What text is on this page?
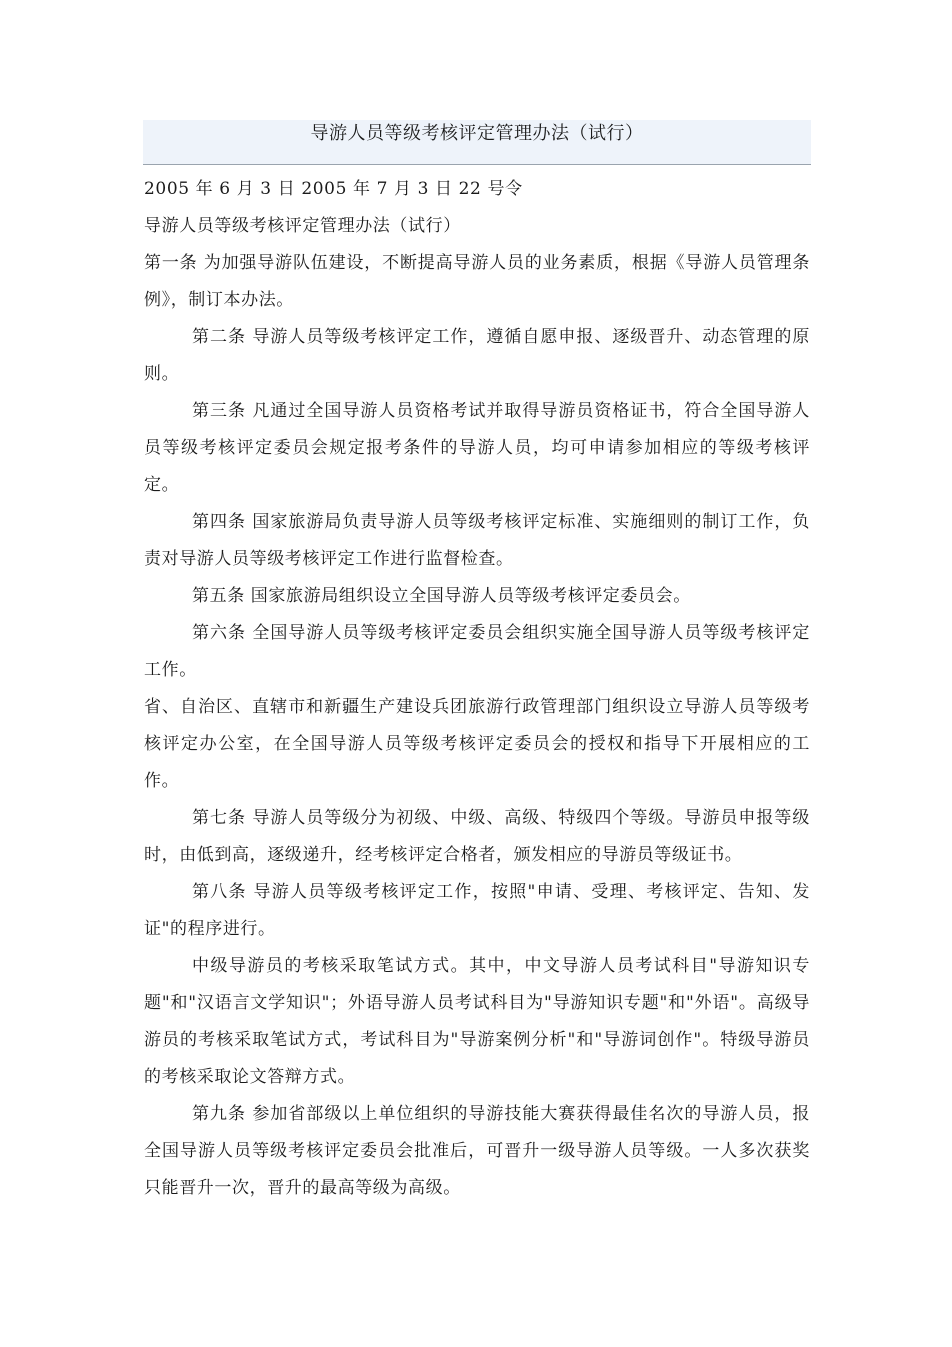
导游人员等级考核评定管理办法（试行）

2005 年 6 月 3 日 2005 年 7 月 3 日 22 号令

导游人员等级考核评定管理办法（试行）

第一条 为加强导游队伍建设，不断提高导游人员的业务素质，根据《导游人员管理条例》，制订本办法。

第二条 导游人员等级考核评定工作，遵循自愿申报、逐级晋升、动态管理的原则。

第三条 凡通过全国导游人员资格考试并取得导游员资格证书，符合全国导游人员等级考核评定委员会规定报考条件的导游人员，均可申请参加相应的等级考核评定。

第四条 国家旅游局负责导游人员等级考核评定标准、实施细则的制订工作，负责对导游人员等级考核评定工作进行监督检查。

第五条 国家旅游局组织设立全国导游人员等级考核评定委员会。

第六条 全国导游人员等级考核评定委员会组织实施全国导游人员等级考核评定工作。

省、自治区、直辖市和新疆生产建设兵团旅游行政管理部门组织设立导游人员等级考核评定办公室，在全国导游人员等级考核评定委员会的授权和指导下开展相应的工作。

第七条 导游人员等级分为初级、中级、高级、特级四个等级。导游员申报等级时，由低到高，逐级递升，经考核评定合格者，颁发相应的导游员等级证书。

第八条 导游人员等级考核评定工作，按照"申请、受理、考核评定、告知、发证"的程序进行。

中级导游员的考核采取笔试方式。其中，中文导游人员考试科目"导游知识专题"和"汉语言文学知识"；外语导游人员考试科目为"导游知识专题"和"外语"。高级导游员的考核采取笔试方式，考试科目为"导游案例分析"和"导游词创作"。特级导游员的考核采取论文答辩方式。

第九条 参加省部级以上单位组织的导游技能大赛获得最佳名次的导游人员，报全国导游人员等级考核评定委员会批准后，可晋升一级导游人员等级。一人多次获奖只能晋升一次，晋升的最高等级为高级。
